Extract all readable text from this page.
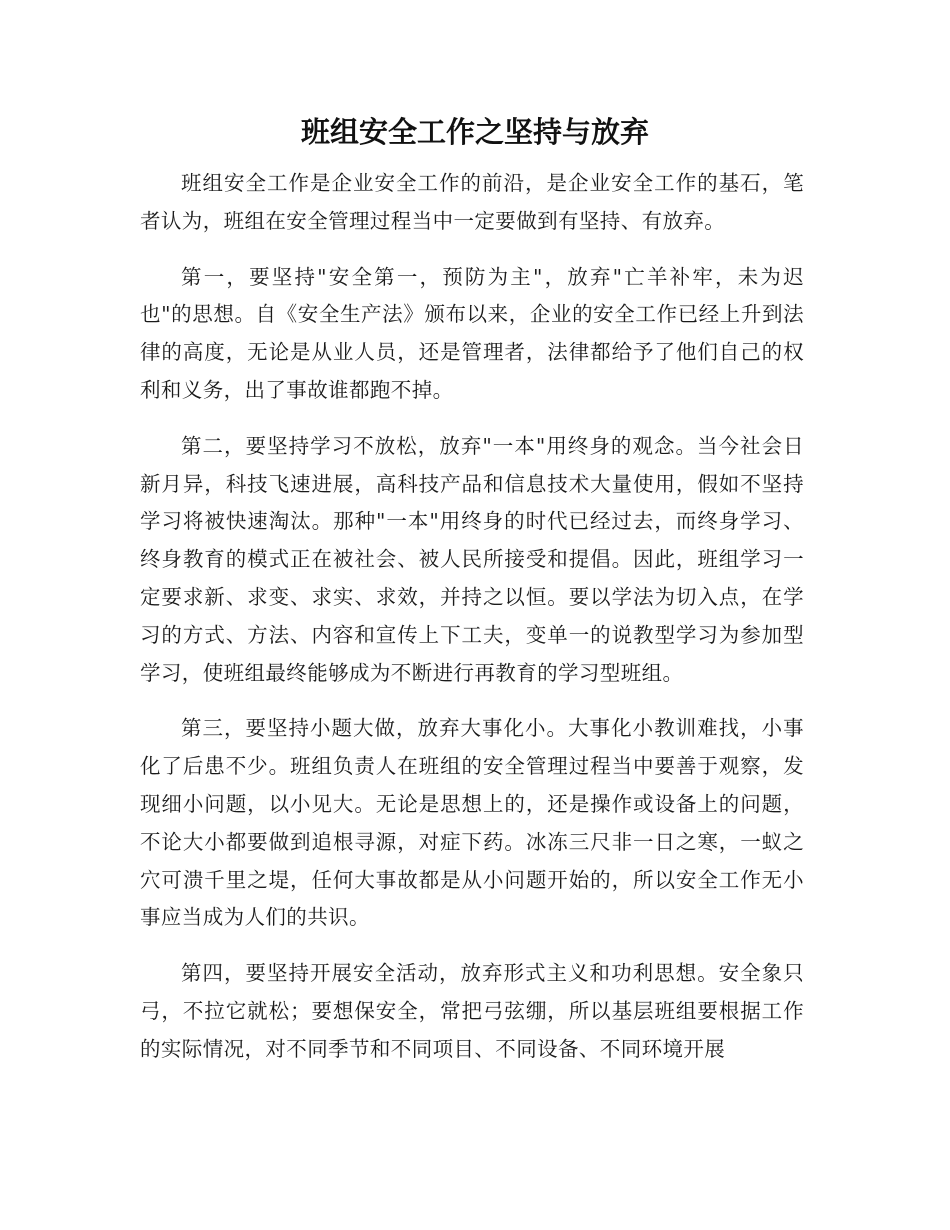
班组安全工作之坚持与放弃

班组安全工作是企业安全工作的前沿，是企业安全工作的基石，笔者认为，班组在安全管理过程当中一定要做到有坚持、有放弃。

第一，要坚持"安全第一，预防为主"，放弃"亡羊补牢，未为迟也"的思想。自《安全生产法》颁布以来，企业的安全工作已经上升到法律的高度，无论是从业人员，还是管理者，法律都给予了他们自己的权利和义务，出了事故谁都跑不掉。

第二，要坚持学习不放松，放弃"一本"用终身的观念。当今社会日新月异，科技飞速进展，高科技产品和信息技术大量使用，假如不坚持学习将被快速淘汰。那种"一本"用终身的时代已经过去，而终身学习、终身教育的模式正在被社会、被人民所接受和提倡。因此，班组学习一定要求新、求变、求实、求效，并持之以恒。要以学法为切入点，在学习的方式、方法、内容和宣传上下工夫，变单一的说教型学习为参加型学习，使班组最终能够成为不断进行再教育的学习型班组。

第三，要坚持小题大做，放弃大事化小。大事化小教训难找，小事化了后患不少。班组负责人在班组的安全管理过程当中要善于观察，发现细小问题，以小见大。无论是思想上的，还是操作或设备上的问题，不论大小都要做到追根寻源，对症下药。冰冻三尺非一日之寒，一蚁之穴可溃千里之堤，任何大事故都是从小问题开始的，所以安全工作无小事应当成为人们的共识。

第四，要坚持开展安全活动，放弃形式主义和功利思想。安全象只弓，不拉它就松；要想保安全，常把弓弦绷，所以基层班组要根据工作的实际情况，对不同季节和不同项目、不同设备、不同环境开展
